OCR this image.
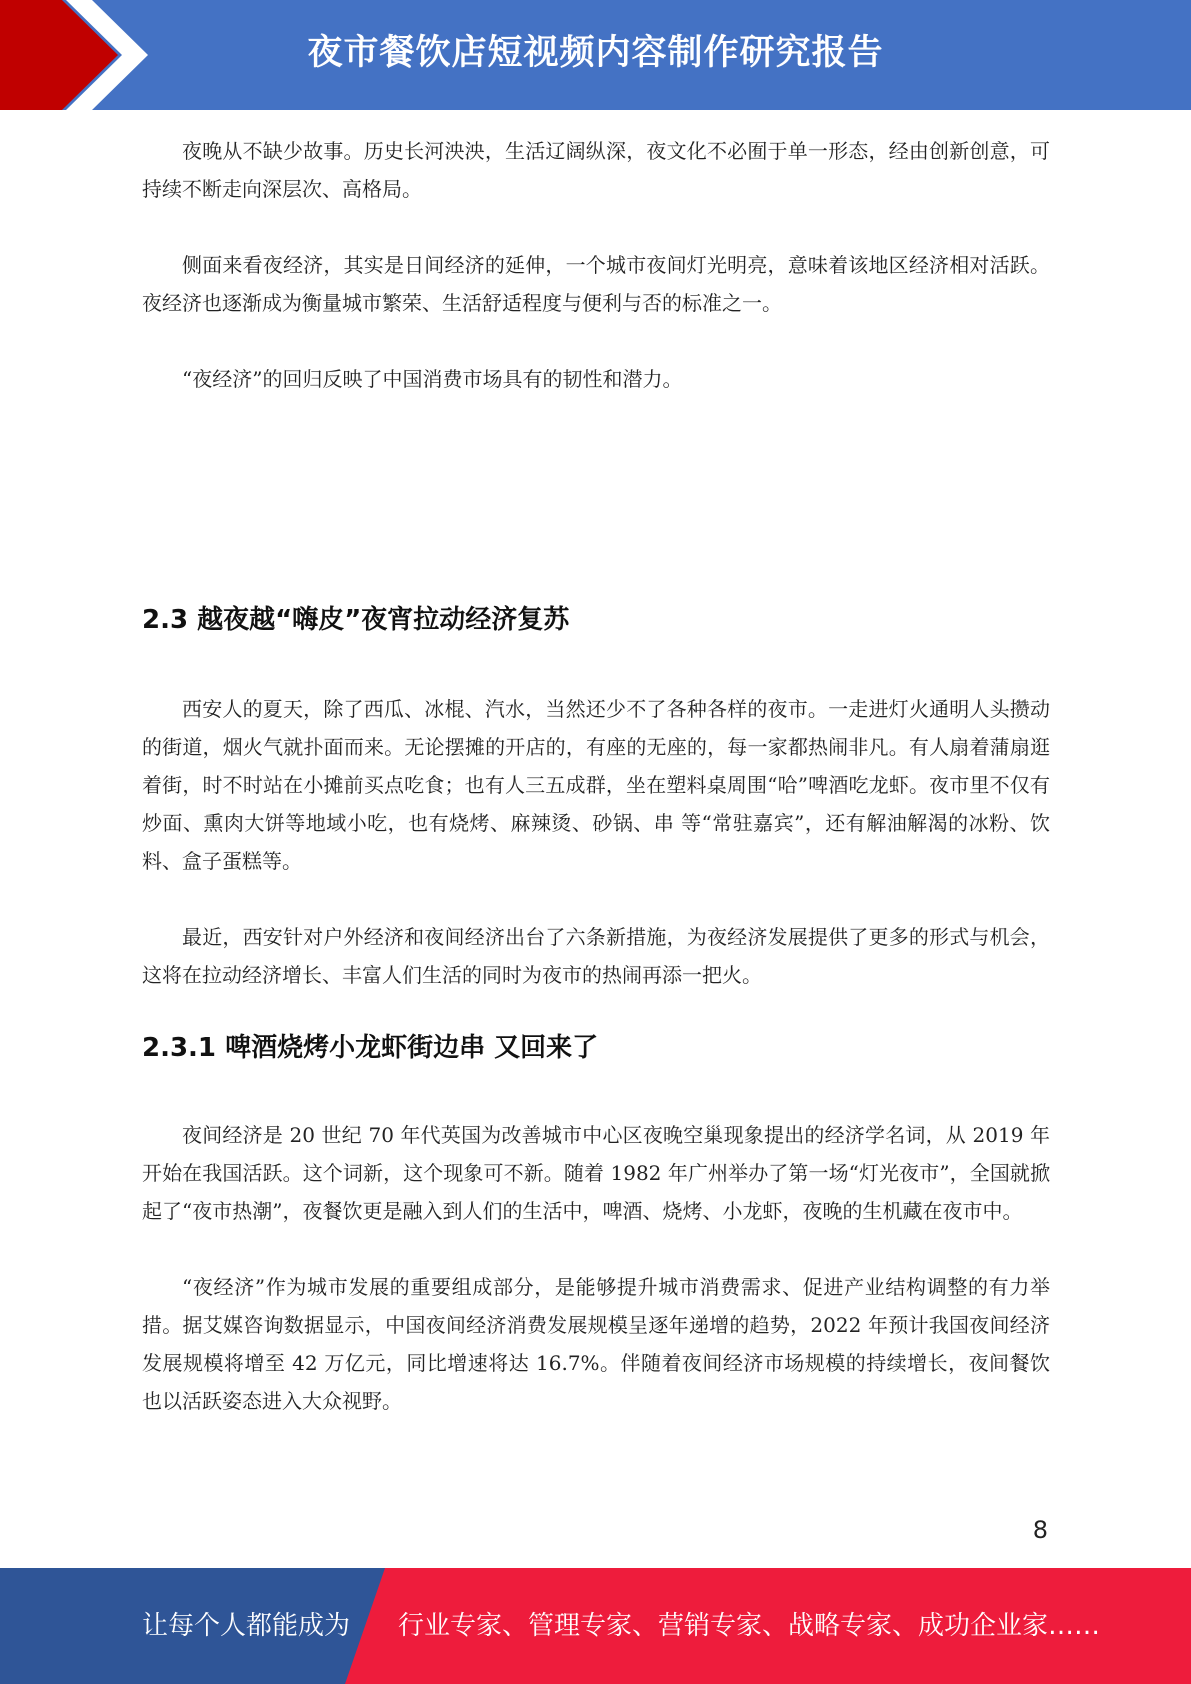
夜市餐饮店短视频内容制作研究报告

夜晚从不缺少故事。历史长河泱泱，生活辽阔纵深，夜文化不必囿于单一形态，经由创新创意，可持续不断走向深层次、高格局。

侧面来看夜经济，其实是日间经济的延伸，一个城市夜间灯光明亮，意味着该地区经济相对活跃。夜经济也逐渐成为衡量城市繁荣、生活舒适程度与便利与否的标准之一。

“夜经济”的回归反映了中国消费市场具有的韧性和潜力。

2.3 越夜越“嗨皮”夜宵拉动经济复苏

西安人的夏天，除了西瓜、冰棍、汽水，当然还少不了各种各样的夜市。一走进灯火通明人头攒动的街道，烟火气就扑面而来。无论摆摊的开店的，有座的无座的，每一家都热闹非凡。有人扇着蒲扇逛着街，时不时站在小摊前买点吃食；也有人三五成群，坐在塑料桌周围“哈”啤酒吃龙虾。夜市里不仅有炒面、熏肉大饼等地域小吃，也有烧烤、麻辣烫、砂锅、串 等“常驻嘉宾”，还有解油解渴的冰粉、饮料、盒子蛋糕等。

最近，西安针对户外经济和夜间经济出台了六条新措施，为夜经济发展提供了更多的形式与机会，这将在拉动经济增长、丰富人们生活的同时为夜市的热闹再添一把火。

2.3.1 啤酒烧烤小龙虾街边串 又回来了

夜间经济是 20 世纪 70 年代英国为改善城市中心区夜晚空巢现象提出的经济学名词，从 2019 年开始在我国活跃。这个词新，这个现象可不新。随着 1982 年广州举办了第一场“灯光夜市”，全国就掀起了“夜市热潮”，夜餐饮更是融入到人们的生活中，啤酒、烧烤、小龙虾，夜晚的生机藏在夜市中。

“夜经济”作为城市发展的重要组成部分，是能够提升城市消费需求、促进产业结构调整的有力举措。据艾媒咨询数据显示，中国夜间经济消费发展规模呈逐年递增的趋势，2022 年预计我国夜间经济发展规模将增至 42 万亿元，同比增速将达 16.7%。伴随着夜间经济市场规模的持续增长，夜间餐饮也以活跃姿态进入大众视野。

8
让每个人都能成为 行业专家、管理专家、营销专家、战略专家、成功企业家……
